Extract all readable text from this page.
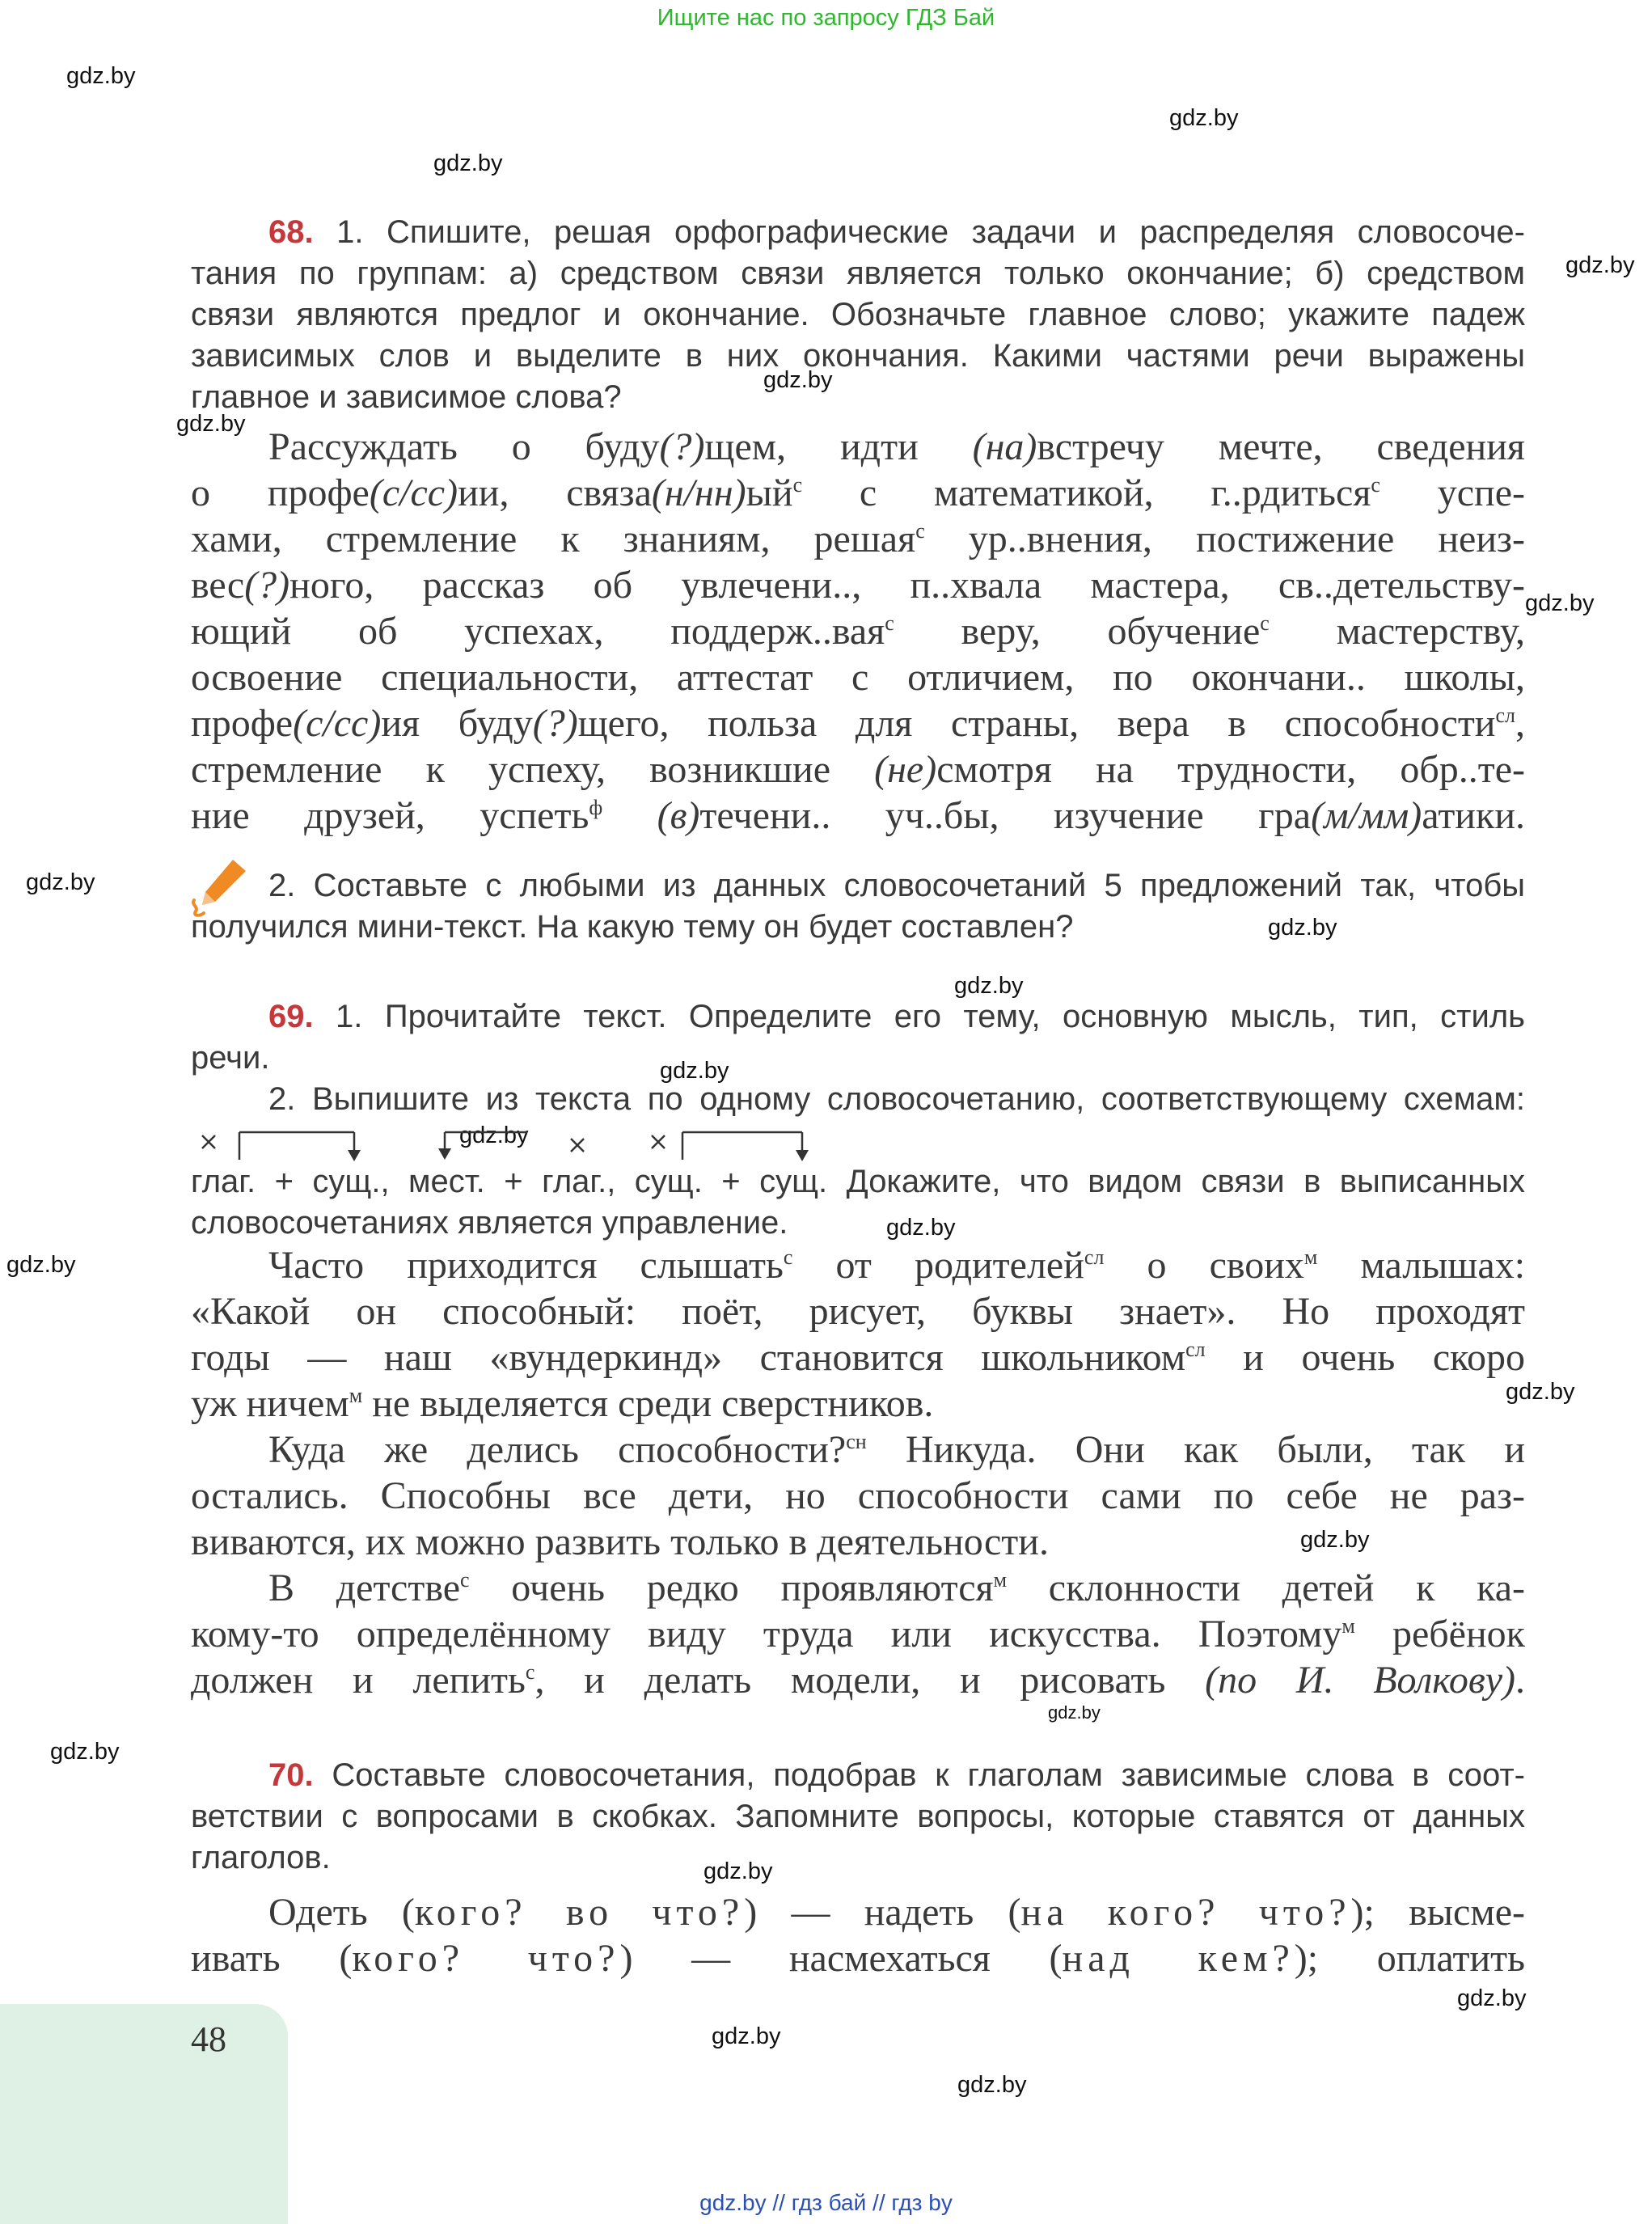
Ищите нас по запросу ГДЗ Бай
gdz.by
gdz.by
gdz.by
gdz.by
gdz.by
gdz.by
gdz.by
gdz.by
gdz.by
gdz.by
gdz.by
gdz.by
gdz.by
gdz.by
gdz.by
gdz.by
gdz.by
gdz.by
gdz.by
gdz.by
gdz.by
gdz.by
68. 1. Спишите, решая орфографические задачи и распределяя словосоче-
тания по группам: а) средством связи является только окончание; б) средством
связи являются предлог и окончание. Обозначьте главное слово; укажите падеж
зависимых слов и выделите в них окончания. Какими частями речи выражены
главное и зависимое слова?
Рассуждать о буду(?)щем, идти (на)встречу мечте, сведения
о профе(с/сс)ии, $связа(н/нн)ый^с$ с математикой, г..рдиться$^с$ успе-
хами, стремление к знаниям, решая$^с$ ур..внения, постижение неиз-
вес(?)ного, рассказ об увлечени.., п..хвала мастера, св..детельству-
ющий об успехах, поддерж..вая$^с$ веру, обучение$^с$ мастерству,
освоение специальности, аттестат с отличием, по окончани.. школы,
профе(с/сс)ия буду(?)щего, польза для страны, вера в способности$^{сл}$,
стремление к успеху, возникшие (не)смотря на трудности, обр..те-
ние друзей, успеть$^ф$ (в)течени.. уч..бы, изучение гра(м/мм)атики.
2. Составьте с любыми из данных словосочетаний 5 предложений так, чтобы
получился мини-текст. На какую тему он будет составлен?
69. 1. Прочитайте текст. Определите его тему, основную мысль, тип, стиль
речи.
2. Выпишите из текста по одному словосочетанию, соответствующему схемам:
глаг. + сущ., мест. + глаг., сущ. + сущ. Докажите, что видом связи в выписанных
словосочетаниях является управление.
Часто приходится слышать$^с$ от родителей$^{сл}$ о своих$^м$ малышах:
«Какой он способный: поёт, рисует, буквы знает». Но проходят
годы — наш «вундеркинд» становится школьником$^{сл}$ и очень скоро
уж ничем$^м$ не выделяется среди сверстников.
Куда же делись способности?$^{сн}$ Никуда. Они как были, так и
остались. Способны все дети, но способности сами по себе не раз-
виваются, их можно развить только в деятельности.
В детстве$^с$ очень редко проявляются$^м$ склонности детей к ка-
кому-то определённому виду труда или искусства. Поэтому$^м$ ребёнок
должен и лепить$^с$, и делать модели, и рисовать (по И. Волкову).
70. Составьте словосочетания, подобрав к глаголам зависимые слова в соот-
ветствии с вопросами в скобках. Запомните вопросы, которые ставятся от данных
глаголов.
Одеть (кого? во что?) — надеть (на кого? что?); высме-
ивать (кого? что?) — насмехаться (над кем?); оплатить
48
gdz.by // гдз бай // гдз by
